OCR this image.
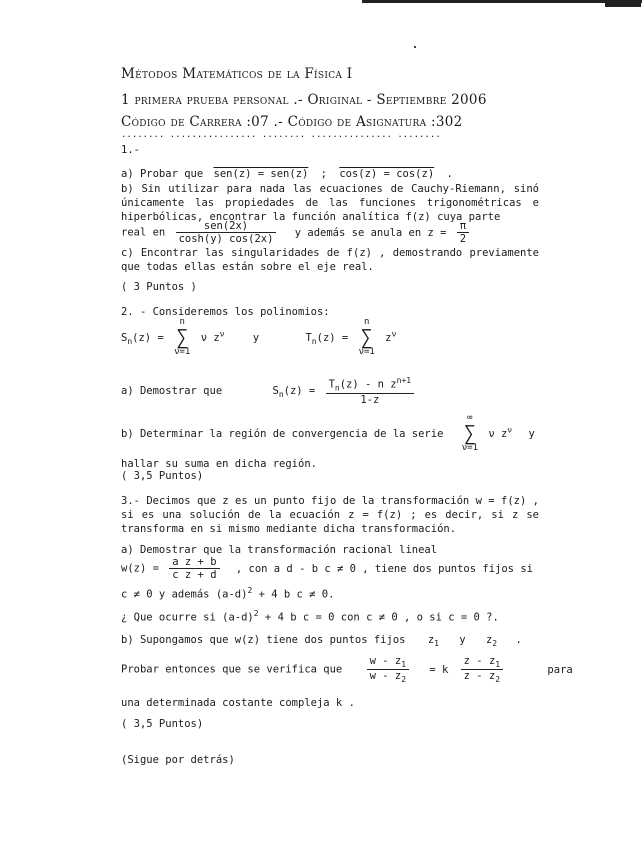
Métodos Matemáticos de la Física I
1 primera prueba personal .- Original - Septiembre 2006
Código de Carrera :07 .- Código de Asignatura :302
........ ................ ........ ............... ........
1.-
a) Probar que sen(z) = sen(z) ; cos(z) = cos(z) .
b) Sin utilizar para nada las ecuaciones de Cauchy-Riemann, sinó únicamente las propiedades de las funciones trigonométricas e hiperbólicas, encontrar la función analítica f(z) cuya parte
real en $\frac{\text{sen(2x)}}{\cosh(y) \cos(2x)}$ y además se anula en $z = \frac{\pi}{2}$
c) Encontrar las singularidades de f(z) , demostrando previamente que todas ellas están sobre el eje real.
( 3 Puntos )
2. - Consideremos los polinomios:
$S_n(z)$ =
n
∑
ν=1
ν $z^\nu$	y	$T_n(z)$ =
n
∑
ν=1
$z^\nu$
a) Demostrar que	$S_n(z) = \frac{T_n(z) - n z^{n+1}}{1-z}$
b) Determinar la región de convergencia de la serie
∞
∑
ν=1
ν $z^\nu$ y
hallar su suma en dicha región.
( 3,5 Puntos)
3.- Decimos que z es un punto fijo de la transformación w = f(z) , si es una solución de la ecuación z = f(z) ; es decir, si z se transforma en si mismo mediante dicha transformación.
a) Demostrar que la transformación racional lineal
$w(z) = \frac{\text{a z + b}}{\text{c z + d}}$ , con a d - b c ≠ 0 , tiene dos puntos fijos si
c ≠ 0 y además $(a-d)^2 + 4$ b c ≠ 0.
¿ Que ocurre si $(a-d)^2 + 4$ b c = 0 con c ≠ 0 , o si c = 0 ?.
b) Supongamos que w(z) tiene dos puntos fijos $z_1$ y $z_2$ .
Probar entonces que se verifica que $\frac{w - z_1}{w - z_2} = k \frac{z - z_1}{z - z_2}$	para
una determinada costante compleja k .
( 3,5 Puntos)
(Sigue por detrás)
